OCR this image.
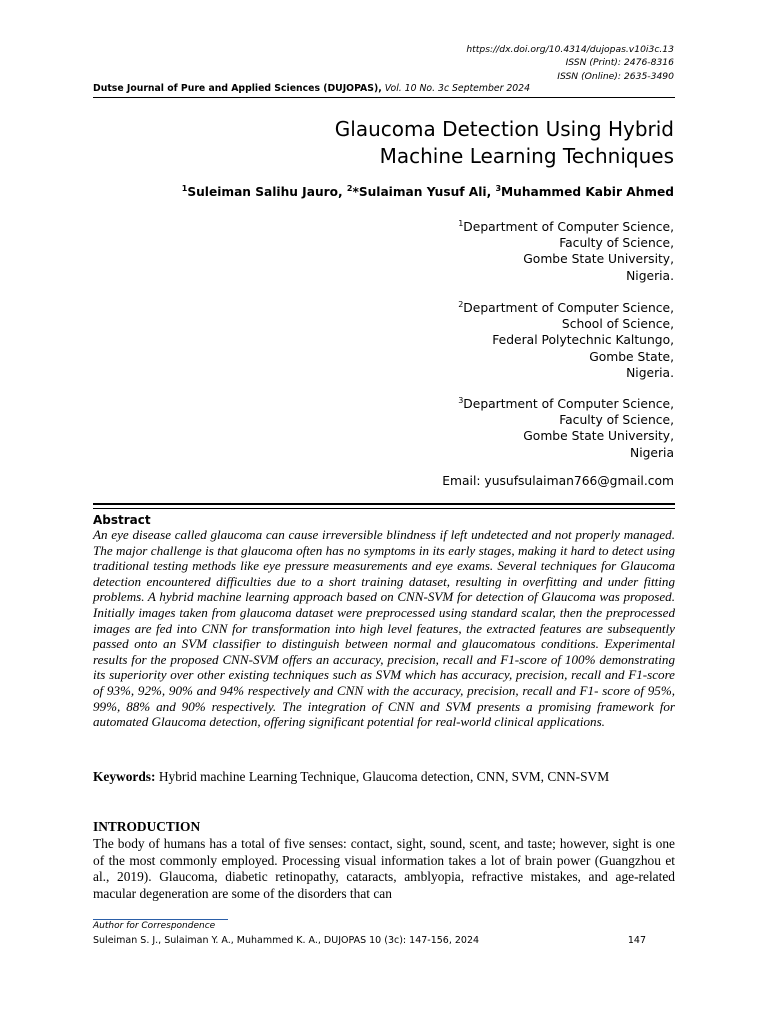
https://dx.doi.org/10.4314/dujopas.v10i3c.13
ISSN (Print): 2476-8316
ISSN (Online): 2635-3490
Dutse Journal of Pure and Applied Sciences (DUJOPAS), Vol. 10 No. 3c September 2024
Glaucoma Detection Using Hybrid
Machine Learning Techniques
$^1$Suleiman Salihu Jauro, $^2$*Sulaiman Yusuf Ali, $^3$Muhammed Kabir Ahmed
$^1$Department of Computer Science,
Faculty of Science,
Gombe State University,
Nigeria.
$^2$Department of Computer Science,
School of Science,
Federal Polytechnic Kaltungo,
Gombe State,
Nigeria.
$^3$Department of Computer Science,
Faculty of Science,
Gombe State University,
Nigeria
Email: yusufsulaiman766@gmail.com
Abstract
An eye disease called glaucoma can cause irreversible blindness if left undetected and not properly managed. The major challenge is that glaucoma often has no symptoms in its early stages, making it hard to detect using traditional testing methods like eye pressure measurements and eye exams. Several techniques for Glaucoma detection encountered difficulties due to a short training dataset, resulting in overfitting and under fitting problems. A hybrid machine learning approach based on CNN-SVM for detection of Glaucoma was proposed. Initially images taken from glaucoma dataset were preprocessed using standard scalar, then the preprocessed images are fed into CNN for transformation into high level features, the extracted features are subsequently passed onto an SVM classifier to distinguish between normal and glaucomatous conditions. Experimental results for the proposed CNN-SVM offers an accuracy, precision, recall and F1-score of 100% demonstrating its superiority over other existing techniques such as SVM which has accuracy, precision, recall and F1-score of 93%, 92%, 90% and 94% respectively and CNN with the accuracy, precision, recall and F1- score of 95%, 99%, 88% and 90% respectively. The integration of CNN and SVM presents a promising framework for automated Glaucoma detection, offering significant potential for real-world clinical applications.
Keywords: Hybrid machine Learning Technique, Glaucoma detection, CNN, SVM, CNN-SVM
INTRODUCTION
The body of humans has a total of five senses: contact, sight, sound, scent, and taste; however, sight is one of the most commonly employed. Processing visual information takes a lot of brain power (Guangzhou et al., 2019). Glaucoma, diabetic retinopathy, cataracts, amblyopia, refractive mistakes, and age-related macular degeneration are some of the disorders that can
Author for Correspondence
Suleiman S. J., Sulaiman Y. A., Muhammed K. A., DUJOPAS 10 (3c): 147-156, 2024	147
